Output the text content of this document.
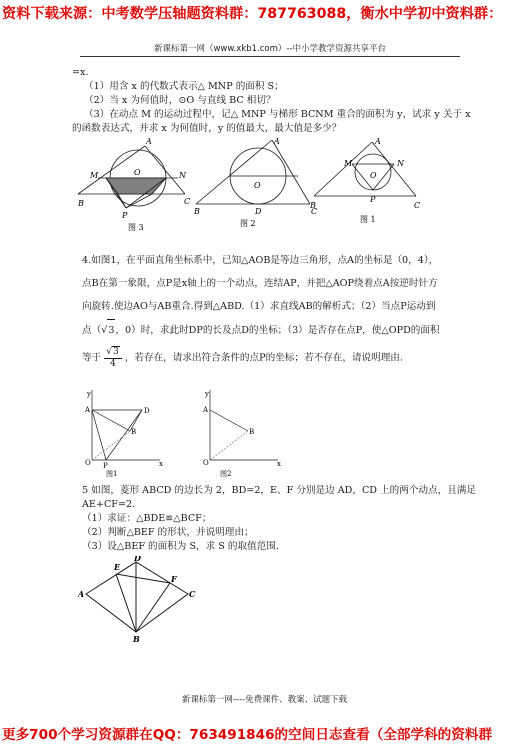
资料下载来源：中考数学压轴题资料群：787763088，衡水中学初中资料群：
新课标第一网（www.xkb1.com）--中小学教学资源共享平台
=x.
（1）用含 x 的代数式表示△ MNP 的面积 S；
（2）当 x 为何值时，⊙O 与直线 BC 相切？
（3）在动点 M 的运动过程中，记△ MNP 与梯形 BCNM 重合的面积为 y，试求 y 关于 x
的函数表达式，并求 x 为何值时，y 的值最大，最大值是多少？
A
M	O	N
B
P
C
图 3
A
O
B	D	C
图 2
A
M
O
N
B
P
C
图 1
4.如图1，在平面直角坐标系中，已知△AOB是等边三角形，点A的坐标是（0，4），
点B在第一象限，点P是x轴上的一个动点，连结AP，并把△AOP绕着点A按逆时针方
向旋转.使边AO与AB重合.得到△ABD.（1）求直线AB的解析式；（2）当点P运动到
点（√3，0）时，求此时DP的长及点D的坐标；（3）是否存在点P，使△OPD的面积
等于 $\frac{√3}{4}$ ，若存在，请求出符合条件的点P的坐标；若不存在，请说明理由.
y
A	D
B
O P	x
图1
y
A
B
O	x
图2
5 如图，菱形 ABCD 的边长为 2，BD=2，E、F 分别是边 AD，CD 上的两个动点，且满足
AE+CF=2.
（1）求证：△BDE≌△BCF；
（2）判断△BEF 的形状，并说明理由；
（3）设△BEF 的面积为 S，求 S 的取值范围.
E
D
F
A	C
B
新课标第一网----免费课件、教案、试题下载
更多700个学习资源群在QQ：763491846的空间日志查看（全部学科的资料群
